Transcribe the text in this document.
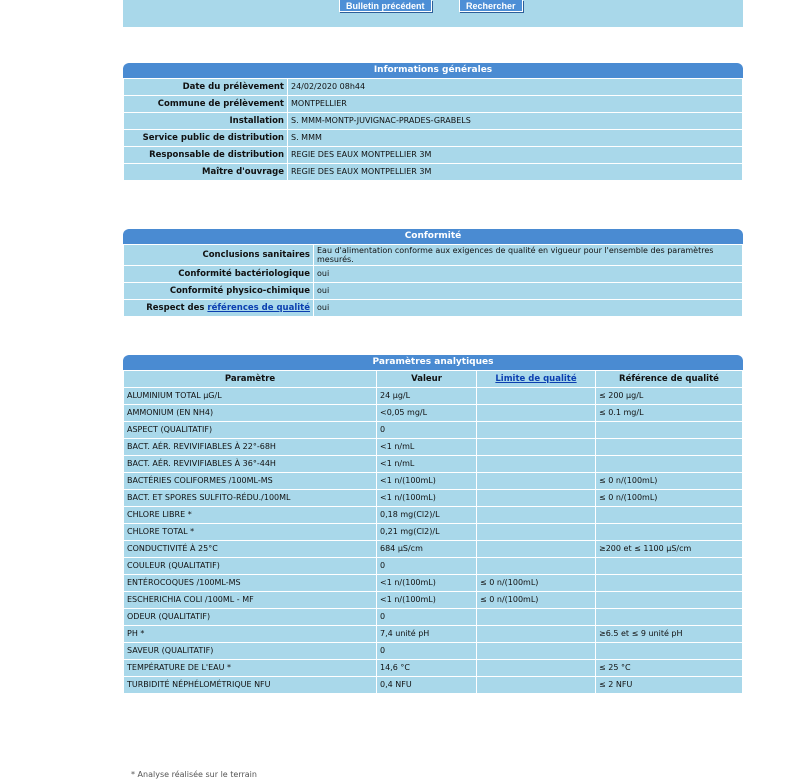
Bulletin précédent	Rechercher
Informations générales
Date du prélèvement	24/02/2020 08h44
Commune de prélèvement	MONTPELLIER
Installation	S. MMM-MONTP-JUVIGNAC-PRADES-GRABELS
Service public de distribution	S. MMM
Responsable de distribution	REGIE DES EAUX MONTPELLIER 3M
Maître d'ouvrage	REGIE DES EAUX MONTPELLIER 3M
Conformité
Conclusions sanitaires	Eau d'alimentation conforme aux exigences de qualité en vigueur pour l'ensemble des paramètres mesurés.
Conformité bactériologique	oui
Conformité physico-chimique	oui
Respect des références de qualité	oui
Paramètres analytiques
Paramètre	Valeur	Limite de qualité	Référence de qualité
ALUMINIUM TOTAL µG/L	24 µg/L		≤ 200 µg/L
AMMONIUM (EN NH4)	<0,05 mg/L		≤ 0.1 mg/L
ASPECT (QUALITATIF)	0		
BACT. AÉR. REVIVIFIABLES À 22°-68H	<1 n/mL		
BACT. AÉR. REVIVIFIABLES À 36°-44H	<1 n/mL		
BACTÉRIES COLIFORMES /100ML-MS	<1 n/(100mL)		≤ 0 n/(100mL)
BACT. ET SPORES SULFITO-RÉDU./100ML	<1 n/(100mL)		≤ 0 n/(100mL)
CHLORE LIBRE *	0,18 mg(Cl2)/L		
CHLORE TOTAL *	0,21 mg(Cl2)/L		
CONDUCTIVITÉ À 25°C	684 µS/cm		≥200 et ≤ 1100 µS/cm
COULEUR (QUALITATIF)	0		
ENTÉROCOQUES /100ML-MS	<1 n/(100mL)	≤ 0 n/(100mL)	
ESCHERICHIA COLI /100ML - MF	<1 n/(100mL)	≤ 0 n/(100mL)	
ODEUR (QUALITATIF)	0		
PH *	7,4 unité pH		≥6.5 et ≤ 9 unité pH
SAVEUR (QUALITATIF)	0		
TEMPÉRATURE DE L'EAU *	14,6 °C		≤ 25 °C
TURBIDITÉ NÉPHÉLOMÉTRIQUE NFU	0,4 NFU		≤ 2 NFU
* Analyse réalisée sur le terrain
